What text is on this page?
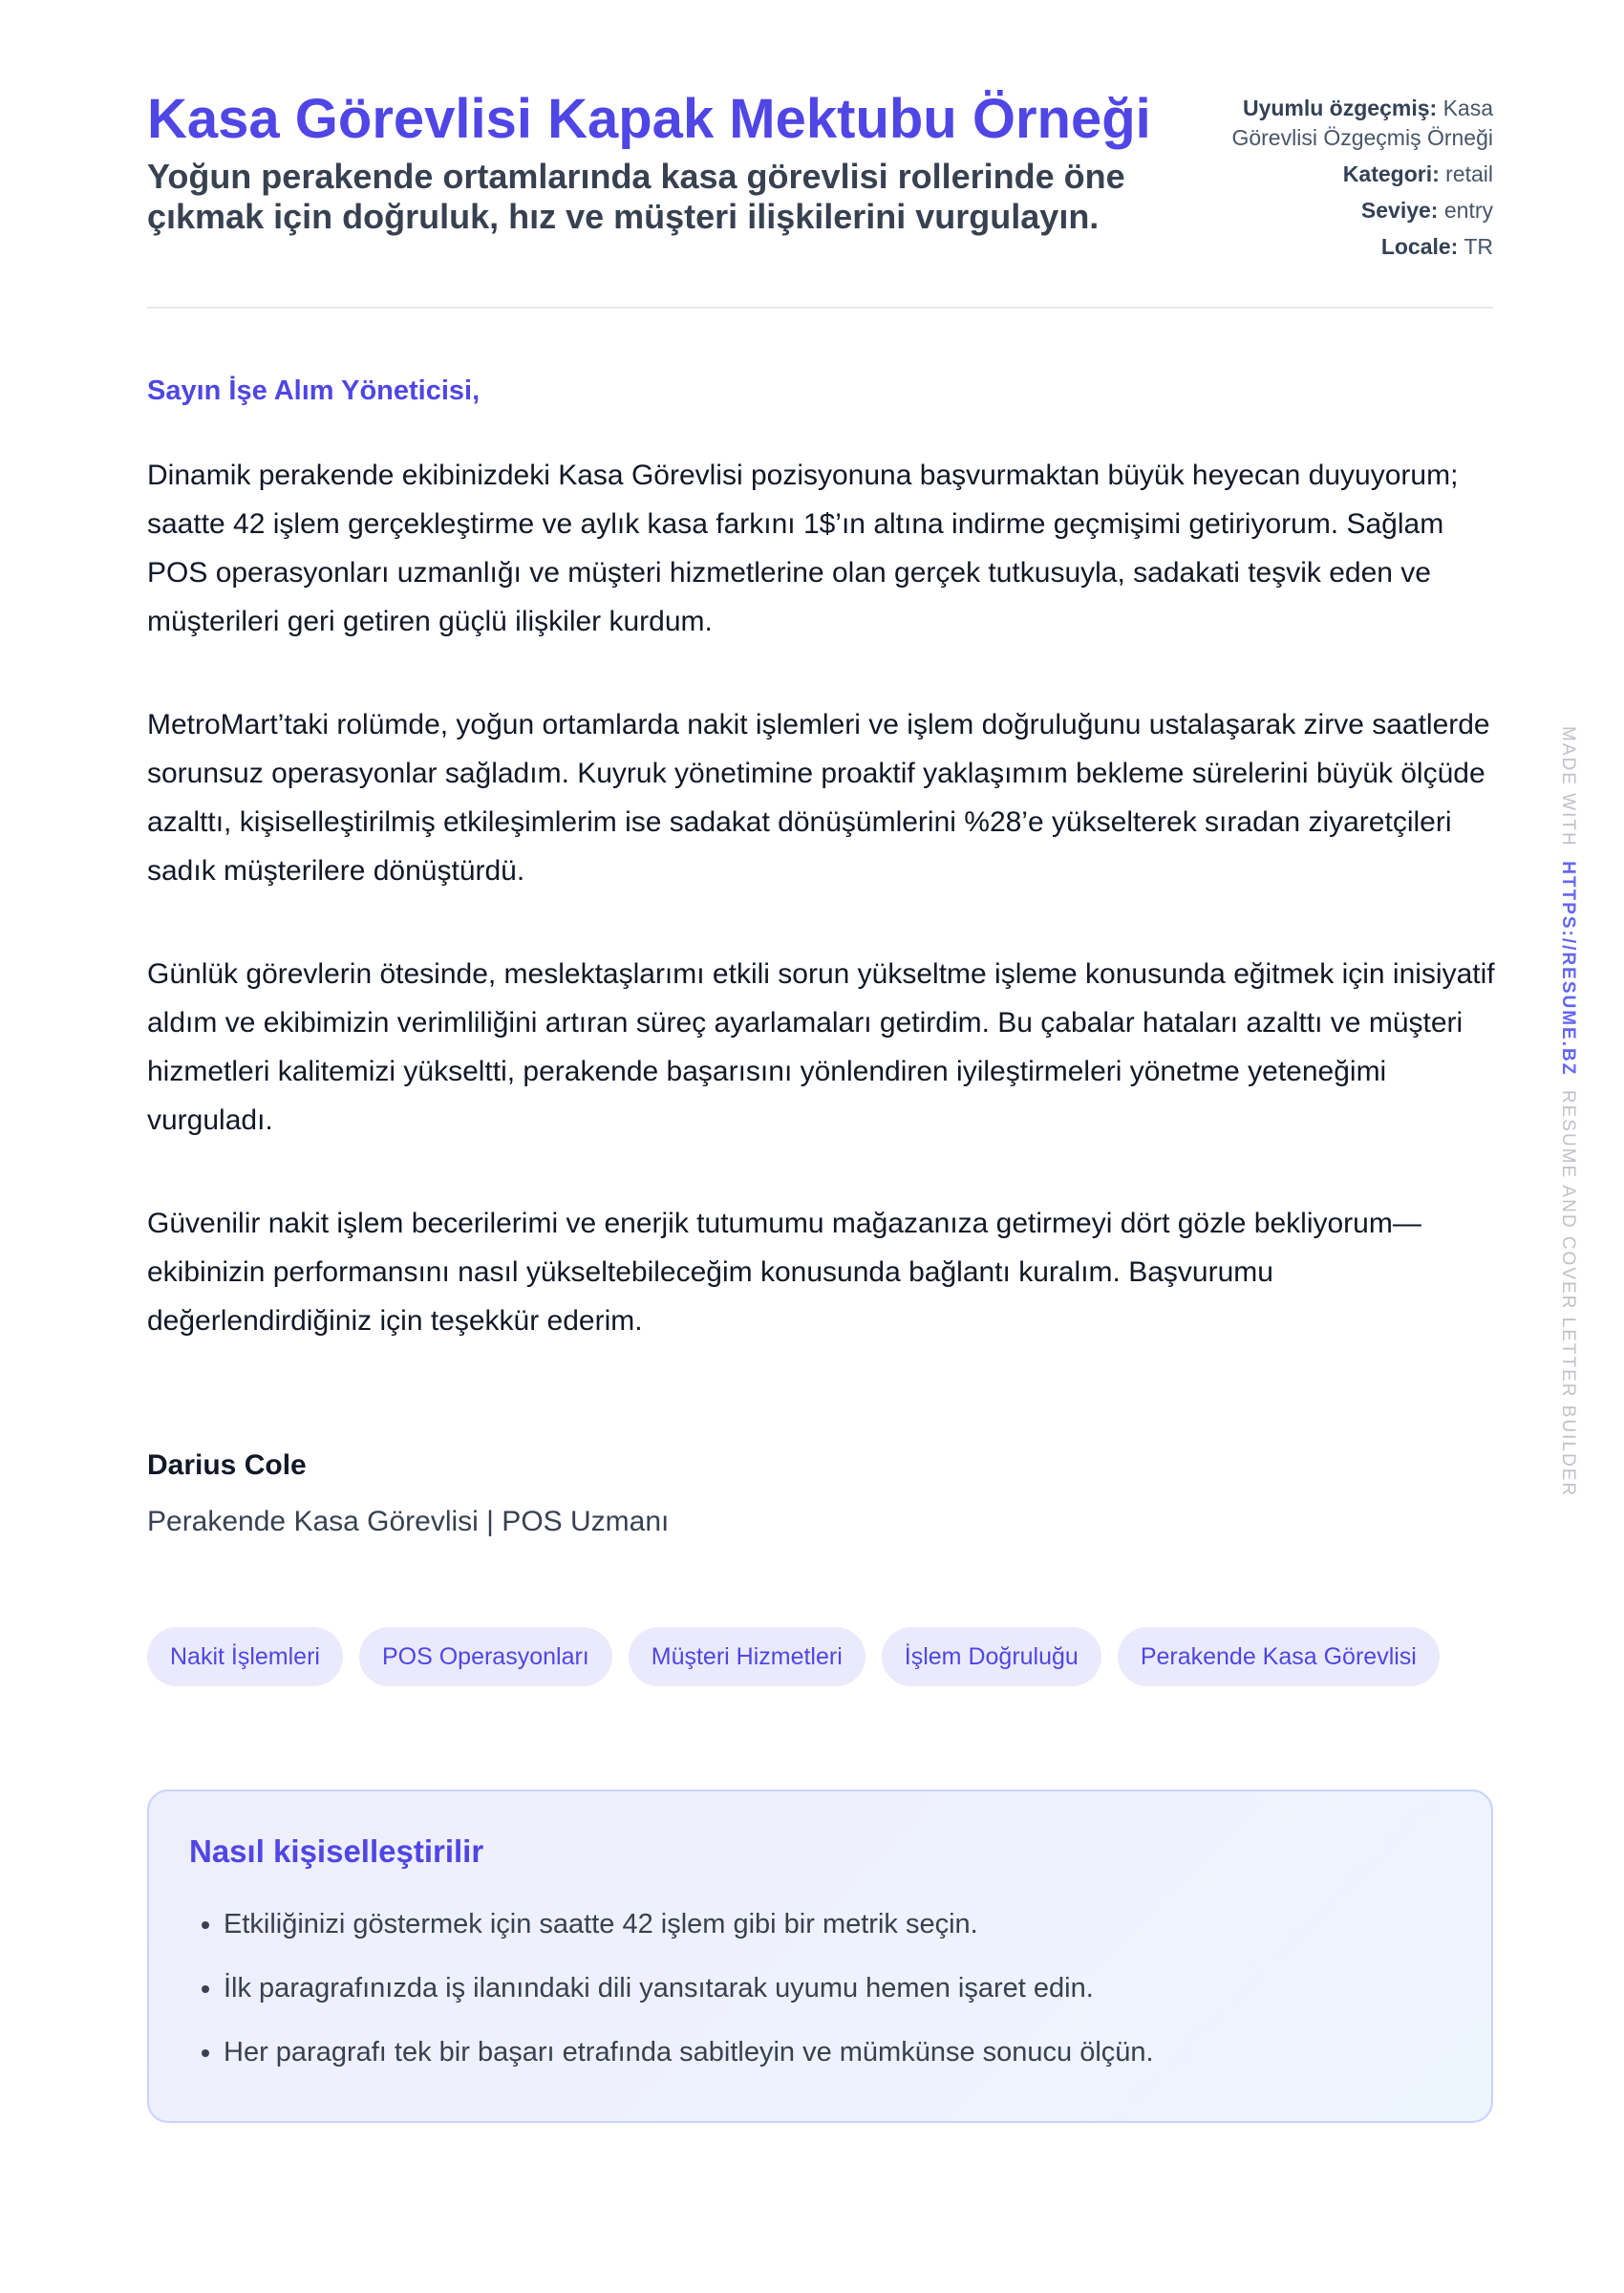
Kasa Görevlisi Kapak Mektubu Örneği
Yoğun perakende ortamlarında kasa görevlisi rollerinde öne çıkmak için doğruluk, hız ve müşteri ilişkilerini vurgulayın.
Uyumlu özgeçmiş: Kasa Görevlisi Özgeçmiş Örneği
Kategori: retail
Seviye: entry
Locale: TR
Sayın İşe Alım Yöneticisi,

Dinamik perakende ekibinizdeki Kasa Görevlisi pozisyonuna başvurmaktan büyük heyecan duyuyorum; saatte 42 işlem gerçekleştirme ve aylık kasa farkını 1$’ın altına indirme geçmişimi getiriyorum. Sağlam POS operasyonları uzmanlığı ve müşteri hizmetlerine olan gerçek tutkusuyla, sadakati teşvik eden ve müşterileri geri getiren güçlü ilişkiler kurdum.

MetroMart’taki rolümde, yoğun ortamlarda nakit işlemleri ve işlem doğruluğunu ustalaşarak zirve saatlerde sorunsuz operasyonlar sağladım. Kuyruk yönetimine proaktif yaklaşımım bekleme sürelerini büyük ölçüde azalttı, kişiselleştirilmiş etkileşimlerim ise sadakat dönüşümlerini %28’e yükselterek sıradan ziyaretçileri sadık müşterilere dönüştürdü.

Günlük görevlerin ötesinde, meslektaşlarımı etkili sorun yükseltme işleme konusunda eğitmek için inisiyatif aldım ve ekibimizin verimliliğini artıran süreç ayarlamaları getirdim. Bu çabalar hataları azalttı ve müşteri hizmetleri kalitemizi yükseltti, perakende başarısını yönlendiren iyileştirmeleri yönetme yeteneğimi vurguladı.

Güvenilir nakit işlem becerilerimi ve enerjik tutumumu mağazanıza getirmeyi dört gözle bekliyorum—ekibinizin performansını nasıl yükseltebileceğim konusunda bağlantı kuralım. Başvurumu değerlendirdiğiniz için teşekkür ederim.

Darius Cole
Perakende Kasa Görevlisi | POS Uzmanı
Nakit İşlemleri	POS Operasyonları	Müşteri Hizmetleri	İşlem Doğruluğu	Perakende Kasa Görevlisi
Nasıl kişiselleştirilir
• Etkiliğinizi göstermek için saatte 42 işlem gibi bir metrik seçin.
• İlk paragrafınızda iş ilanındaki dili yansıtarak uyumu hemen işaret edin.
• Her paragrafı tek bir başarı etrafında sabitleyin ve mümkünse sonucu ölçün.
MADE WITH  HTTPS://RESUME.BZ  RESUME AND COVER LETTER BUILDER
